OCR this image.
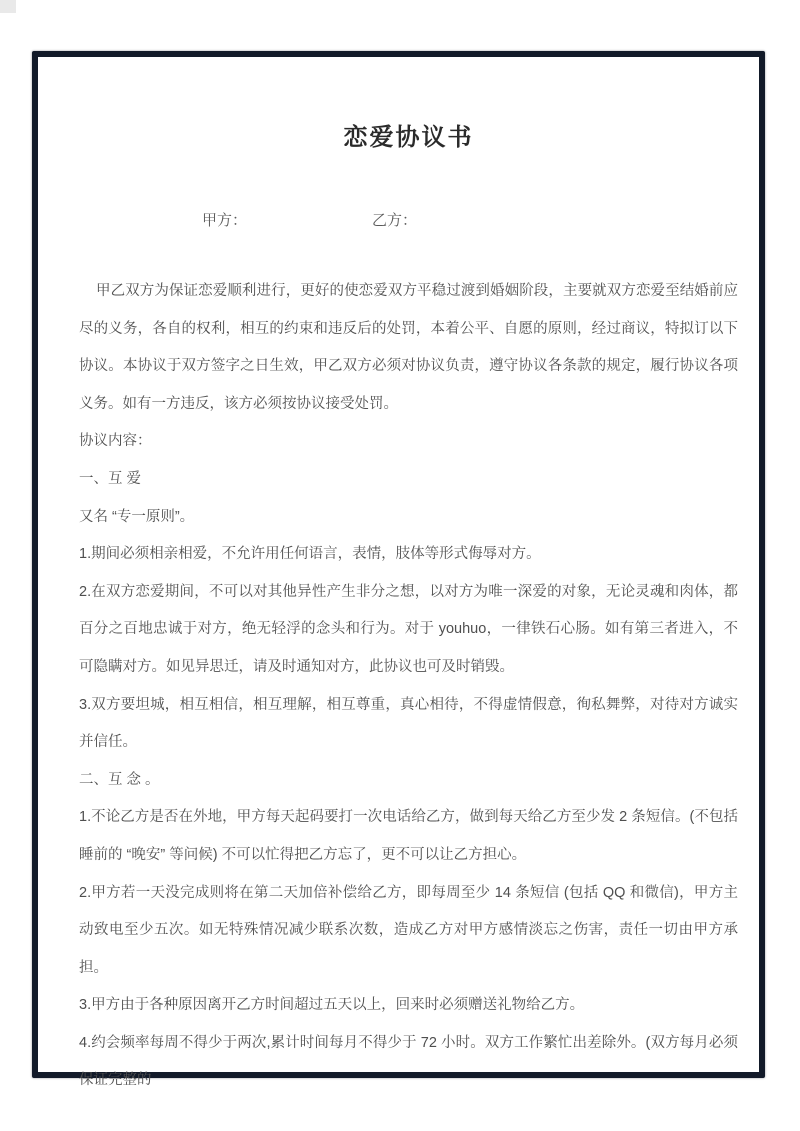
恋爱协议书
甲方：	乙方：

甲乙双方为保证恋爱顺利进行，更好的使恋爱双方平稳过渡到婚姻阶段，主要就双方恋爱至结婚前应尽的义务，各自的权利，相互的约束和违反后的处罚，本着公平、自愿的原则，经过商议，特拟订以下协议。本协议于双方签字之日生效，甲乙双方必须对协议负责，遵守协议各条款的规定，履行协议各项义务。如有一方违反，该方必须按协议接受处罚。

协议内容：

一、互 爱

又名 “专一原则”。

1.期间必须相亲相爱，不允许用任何语言，表情，肢体等形式侮辱对方。

2.在双方恋爱期间，不可以对其他异性产生非分之想，以对方为唯一深爱的对象，无论灵魂和肉体，都百分之百地忠诚于对方，绝无轻浮的念头和行为。对于 youhuo，一律铁石心肠。如有第三者进入，不可隐瞒对方。如见异思迁，请及时通知对方，此协议也可及时销毁。

3.双方要坦城，相互相信，相互理解，相互尊重，真心相待，不得虚情假意，徇私舞弊，对待对方诚实并信任。

二、互 念 。

1.不论乙方是否在外地，甲方每天起码要打一次电话给乙方，做到每天给乙方至少发 2 条短信。(不包括睡前的 “晚安” 等问候) 不可以忙得把乙方忘了，更不可以让乙方担心。

2.甲方若一天没完成则将在第二天加倍补偿给乙方，即每周至少 14 条短信 (包括 QQ 和微信)，甲方主动致电至少五次。如无特殊情况减少联系次数，造成乙方对甲方感情淡忘之伤害，责任一切由甲方承担。

3.甲方由于各种原因离开乙方时间超过五天以上，回来时必须赠送礼物给乙方。

4.约会频率每周不得少于两次,累计时间每月不得少于 72 小时。双方工作繁忙出差除外。(双方每月必须保证完整的
